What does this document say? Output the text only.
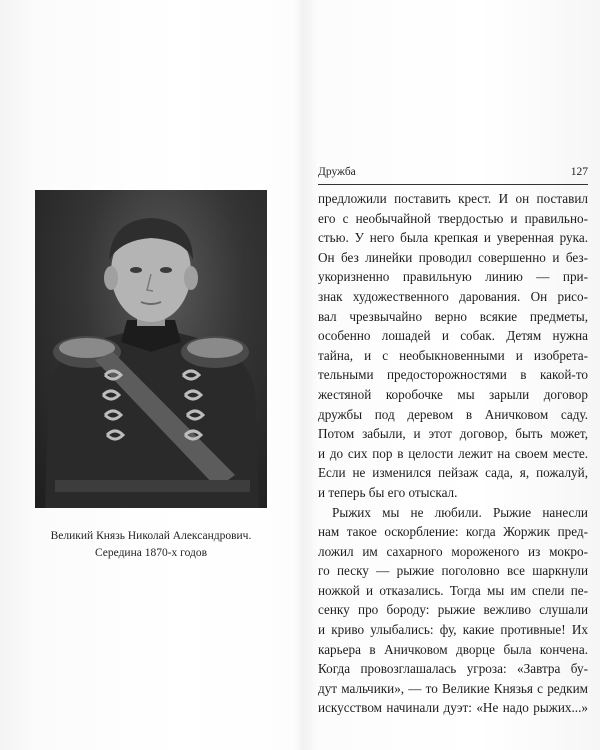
Великий Князь Николай Александрович.
Середина 1870-х годов
Дружба	127
предложили поставить крест. И он поставил
его с необычайной твердостью и правильно-
стью. У него была крепкая и уверенная рука.
Он без линейки проводил совершенно и без-
укоризненно правильную линию — при-
знак художественного дарования. Он рисо-
вал чрезвычайно верно всякие предметы,
особенно лошадей и собак. Детям нужна
тайна, и с необыкновенными и изобрета-
тельными предосторожностями в какой-то
жестяной коробочке мы зарыли договор
дружбы под деревом в Аничковом саду.
Потом забыли, и этот договор, быть может,
и до сих пор в целости лежит на своем месте.
Если не изменился пейзаж сада, я, пожалуй,
и теперь бы его отыскал.
Рыжих мы не любили. Рыжие нанесли
нам такое оскорбление: когда Жоржик пред-
ложил им сахарного мороженого из мокро-
го песку — рыжие поголовно все шаркнули
ножкой и отказались. Тогда мы им спели пе-
сенку про бороду: рыжие вежливо слушали
и криво улыбались: фу, какие противные! Их
карьера в Аничковом дворце была кончена.
Когда провозглашалась угроза: «Завтра бу-
дут мальчики», — то Великие Князья с редким
искусством начинали дуэт: «Не надо рыжих...»
